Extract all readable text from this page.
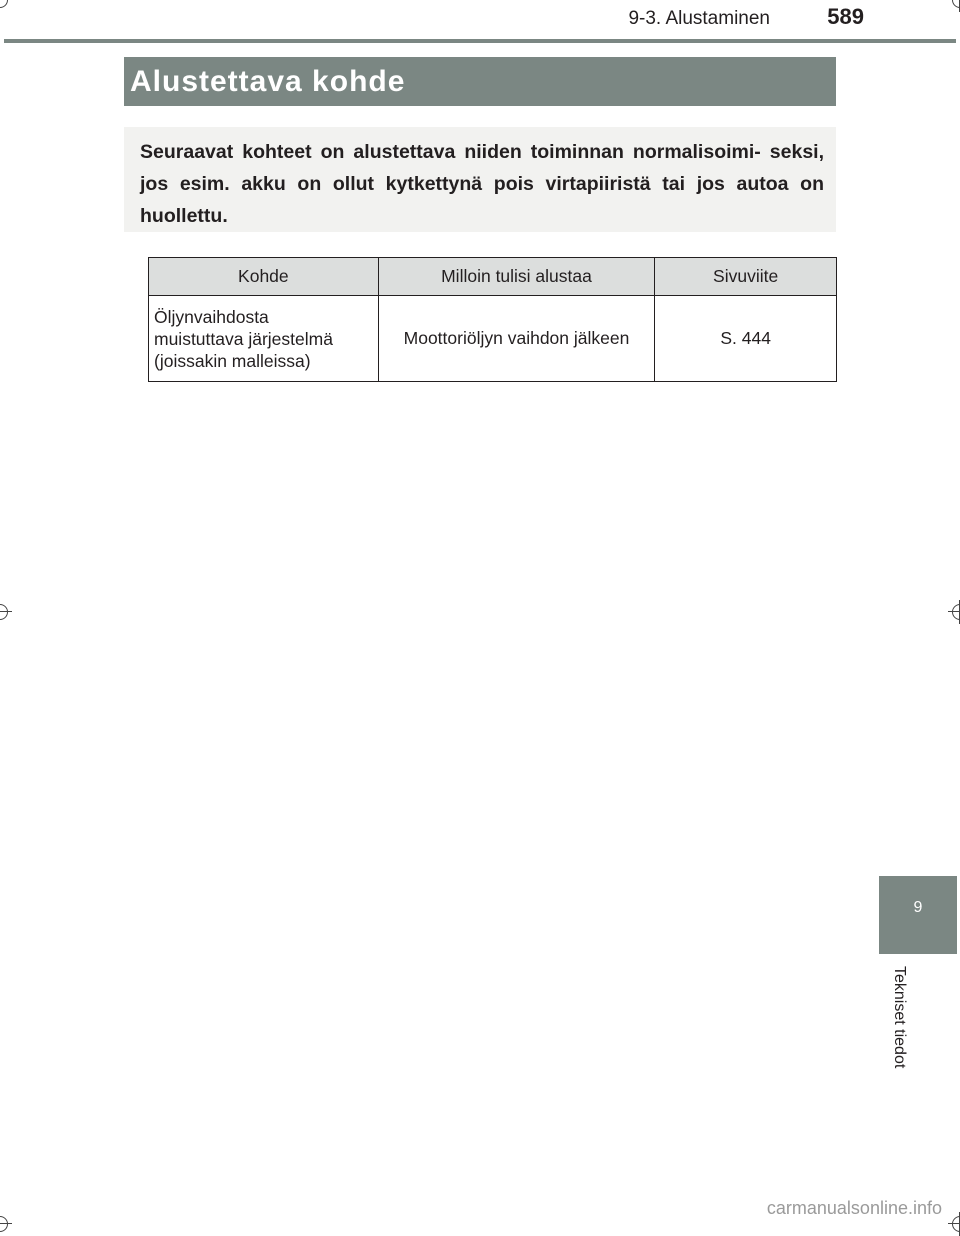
9-3. Alustaminen	589
Alustettava kohde
Seuraavat kohteet on alustettava niiden toiminnan normalisoimi- seksi, jos esim. akku on ollut kytkettynä pois virtapiiristä tai jos autoa on huollettu.
Kohde	Milloin tulisi alustaa	Sivuviite
Öljynvaihdosta
muistuttava järjestelmä
(joissakin malleissa)	Moottoriöljyn vaihdon jälkeen	S. 444
9
Tekniset tiedot
carmanualsonline.info
